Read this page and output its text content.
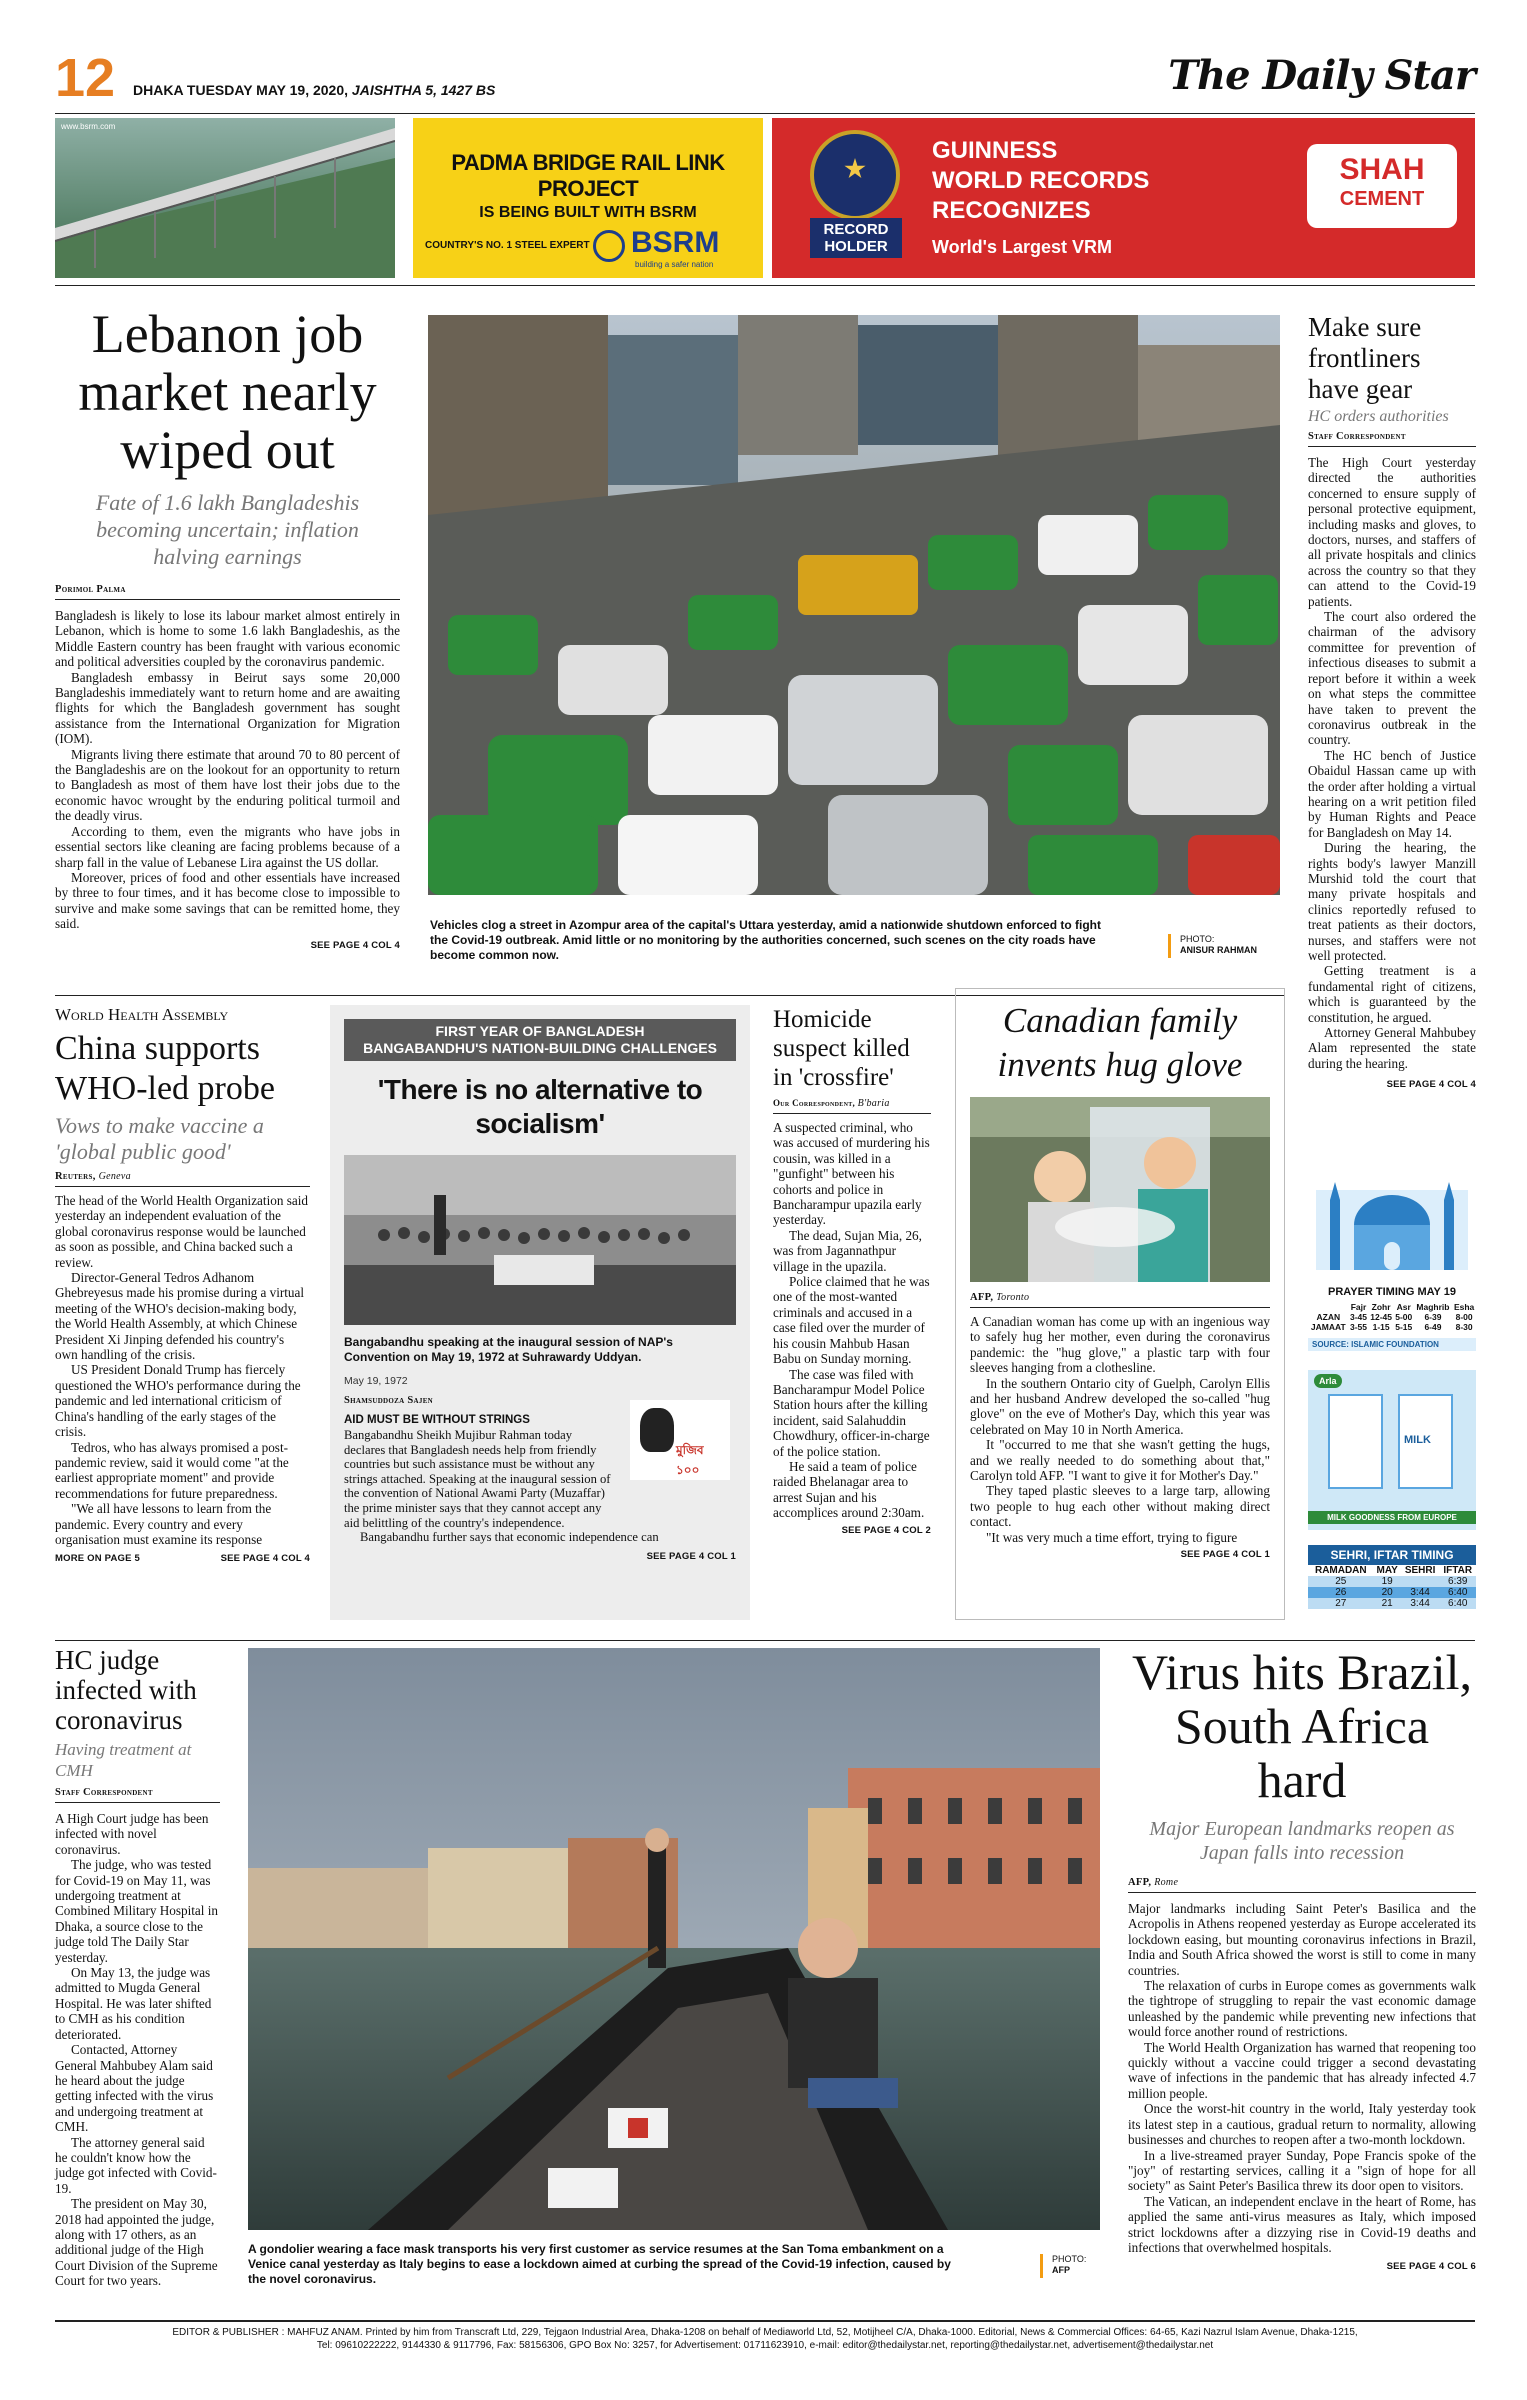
12 DHAKA TUESDAY MAY 19, 2020, JAISHTHA 5, 1427 BS	The Daily Star
www.bsrm.com
PADMA BRIDGE RAIL LINK PROJECT
IS BEING BUILT WITH BSRM
COUNTRY'S NO. 1 STEEL EXPERT BSRM
building a safer nation
RECORD
HOLDER
GUINNESS
WORLD RECORDS
RECOGNIZES
World's Largest VRM
SHAH
CEMENT
Lebanon job market nearly wiped out
Fate of 1.6 lakh Bangladeshis becoming uncertain; inflation halving earnings
Porimol Palma

Bangladesh is likely to lose its labour market almost entirely in Lebanon, which is home to some 1.6 lakh Bangladeshis, as the Middle Eastern country has been fraught with various economic and political adversities coupled by the coronavirus pandemic.

Bangladesh embassy in Beirut says some 20,000 Bangladeshis immediately want to return home and are awaiting flights for which the Bangladesh government has sought assistance from the International Organization for Migration (IOM).

Migrants living there estimate that around 70 to 80 percent of the Bangladeshis are on the lookout for an opportunity to return to Bangladesh as most of them have lost their jobs due to the economic havoc wrought by the enduring political turmoil and the deadly virus.

According to them, even the migrants who have jobs in essential sectors like cleaning are facing problems because of a sharp fall in the value of Lebanese Lira against the US dollar.

Moreover, prices of food and other essentials have increased by three to four times, and it has become close to impossible to survive and make some savings that can be remitted home, they said.

SEE PAGE 4 COL 4
Vehicles clog a street in Azompur area of the capital's Uttara yesterday, amid a nationwide shutdown enforced to fight the Covid-19 outbreak. Amid little or no monitoring by the authorities concerned, such scenes on the city roads have become common now.
PHOTO:
ANISUR RAHMAN
Make sure frontliners have gear
HC orders authorities
Staff Correspondent

The High Court yesterday directed the authorities concerned to ensure supply of personal protective equipment, including masks and gloves, to doctors, nurses, and staffers of all private hospitals and clinics across the country so that they can attend to the Covid-19 patients.

The court also ordered the chairman of the advisory committee for prevention of infectious diseases to submit a report before it within a week on what steps the committee have taken to prevent the coronavirus outbreak in the country.

The HC bench of Justice Obaidul Hassan came up with the order after holding a virtual hearing on a writ petition filed by Human Rights and Peace for Bangladesh on May 14.

During the hearing, the rights body's lawyer Manzill Murshid told the court that many private hospitals and clinics reportedly refused to treat patients as their doctors, nurses, and staffers were not well protected.

Getting treatment is a fundamental right of citizens, which is guaranteed by the constitution, he argued.

Attorney General Mahbubey Alam represented the state during the hearing.

SEE PAGE 4 COL 4
PRAYER TIMING MAY 19
	Fajr	Zohr	Asr	Maghrib	Esha
AZAN	3-45	12-45	5-00	6-39	8-00
JAMAAT	3-55	1-15	5-15	6-49	8-30
SOURCE: ISLAMIC FOUNDATION
Arla
MILK
MILK GOODNESS FROM EUROPE
SEHRI, IFTAR TIMING
RAMADAN	MAY	SEHRI	IFTAR
25	19		6:39
26	20	3:44	6:40
27	21	3:44	6:40
World Health Assembly
China supports WHO-led probe
Vows to make vaccine a 'global public good'
Reuters, Geneva

The head of the World Health Organization said yesterday an independent evaluation of the global coronavirus response would be launched as soon as possible, and China backed such a review.

Director-General Tedros Adhanom Ghebreyesus made his promise during a virtual meeting of the WHO's decision-making body, the World Health Assembly, at which Chinese President Xi Jinping defended his country's own handling of the crisis.

US President Donald Trump has fiercely questioned the WHO's performance during the pandemic and led international criticism of China's handling of the early stages of the crisis.

Tedros, who has always promised a post-pandemic review, said it would come "at the earliest appropriate moment" and provide recommendations for future preparedness.

"We all have lessons to learn from the pandemic. Every country and every organisation must examine its response

MORE ON PAGE 5	SEE PAGE 4 COL 4
FIRST YEAR OF BANGLADESH
BANGABANDHU'S NATION-BUILDING CHALLENGES
'There is no alternative to socialism'
Bangabandhu speaking at the inaugural session of NAP's Convention on May 19, 1972 at Suhrawardy Uddyan.
May 19, 1972
Shamsuddoza Sajen
মুজিব ১০০
AID MUST BE WITHOUT STRINGS

Bangabandhu Sheikh Mujibur Rahman today declares that Bangladesh needs help from friendly countries but such assistance must be without any strings attached. Speaking at the inaugural session of the convention of National Awami Party (Muzaffar) the prime minister says that they cannot accept any aid belittling of the country's independence.

Bangabandhu further says that economic independence can

SEE PAGE 4 COL 1
Homicide suspect killed in 'crossfire'
Our Correspondent, B'baria

A suspected criminal, who was accused of murdering his cousin, was killed in a "gunfight" between his cohorts and police in Bancharampur upazila early yesterday.

The dead, Sujan Mia, 26, was from Jagannathpur village in the upazila.

Police claimed that he was one of the most-wanted criminals and accused in a case filed over the murder of his cousin Mahbub Hasan Babu on Sunday morning.

The case was filed with Bancharampur Model Police Station hours after the killing incident, said Salahuddin Chowdhury, officer-in-charge of the police station.

He said a team of police raided Bhelanagar area to arrest Sujan and his accomplices around 2:30am.

SEE PAGE 4 COL 2
Canadian family invents hug glove
AFP, Toronto

A Canadian woman has come up with an ingenious way to safely hug her mother, even during the coronavirus pandemic: the "hug glove," a plastic tarp with four sleeves hanging from a clothesline.

In the southern Ontario city of Guelph, Carolyn Ellis and her husband Andrew developed the so-called "hug glove" on the eve of Mother's Day, which this year was celebrated on May 10 in North America.

It "occurred to me that she wasn't getting the hugs, and we really needed to do something about that," Carolyn told AFP. "I want to give it for Mother's Day."

They taped plastic sleeves to a large tarp, allowing two people to hug each other without making direct contact.

"It was very much a time effort, trying to figure

SEE PAGE 4 COL 1
HC judge infected with coronavirus
Having treatment at CMH
Staff Correspondent

A High Court judge has been infected with novel coronavirus.

The judge, who was tested for Covid-19 on May 11, was undergoing treatment at Combined Military Hospital in Dhaka, a source close to the judge told The Daily Star yesterday.

On May 13, the judge was admitted to Mugda General Hospital. He was later shifted to CMH as his condition deteriorated.

Contacted, Attorney General Mahbubey Alam said he heard about the judge getting infected with the virus and undergoing treatment at CMH.

The attorney general said he couldn't know how the judge got infected with Covid-19.

The president on May 30, 2018 had appointed the judge, along with 17 others, as an additional judge of the High Court Division of the Supreme Court for two years.

A gondolier wearing a face mask transports his very first customer as service resumes at the San Toma embankment on a Venice canal yesterday as Italy begins to ease a lockdown aimed at curbing the spread of the Covid-19 infection, caused by the novel coronavirus.
PHOTO:
AFP
Virus hits Brazil, South Africa hard
Major European landmarks reopen as Japan falls into recession
AFP, Rome

Major landmarks including Saint Peter's Basilica and the Acropolis in Athens reopened yesterday as Europe accelerated its lockdown easing, but mounting coronavirus infections in Brazil, India and South Africa showed the worst is still to come in many countries.

The relaxation of curbs in Europe comes as governments walk the tightrope of struggling to repair the vast economic damage unleashed by the pandemic while preventing new infections that would force another round of restrictions.

The World Health Organization has warned that reopening too quickly without a vaccine could trigger a second devastating wave of infections in the pandemic that has already infected 4.7 million people.

Once the worst-hit country in the world, Italy yesterday took its latest step in a cautious, gradual return to normality, allowing businesses and churches to reopen after a two-month lockdown.

In a live-streamed prayer Sunday, Pope Francis spoke of the "joy" of restarting services, calling it a "sign of hope for all society" as Saint Peter's Basilica threw its door open to visitors.

The Vatican, an independent enclave in the heart of Rome, has applied the same anti-virus measures as Italy, which imposed strict lockdowns after a dizzying rise in Covid-19 deaths and infections that overwhelmed hospitals.

SEE PAGE 4 COL 6
EDITOR & PUBLISHER : MAHFUZ ANAM. Printed by him from Transcraft Ltd, 229, Tejgaon Industrial Area, Dhaka-1208 on behalf of Mediaworld Ltd, 52, Motijheel C/A, Dhaka-1000. Editorial, News & Commercial Offices: 64-65, Kazi Nazrul Islam Avenue, Dhaka-1215,
Tel: 09610222222, 9144330 & 9117796, Fax: 58156306, GPO Box No: 3257, for Advertisement: 01711623910, e-mail: editor@thedailystar.net, reporting@thedailystar.net, advertisement@thedailystar.net
